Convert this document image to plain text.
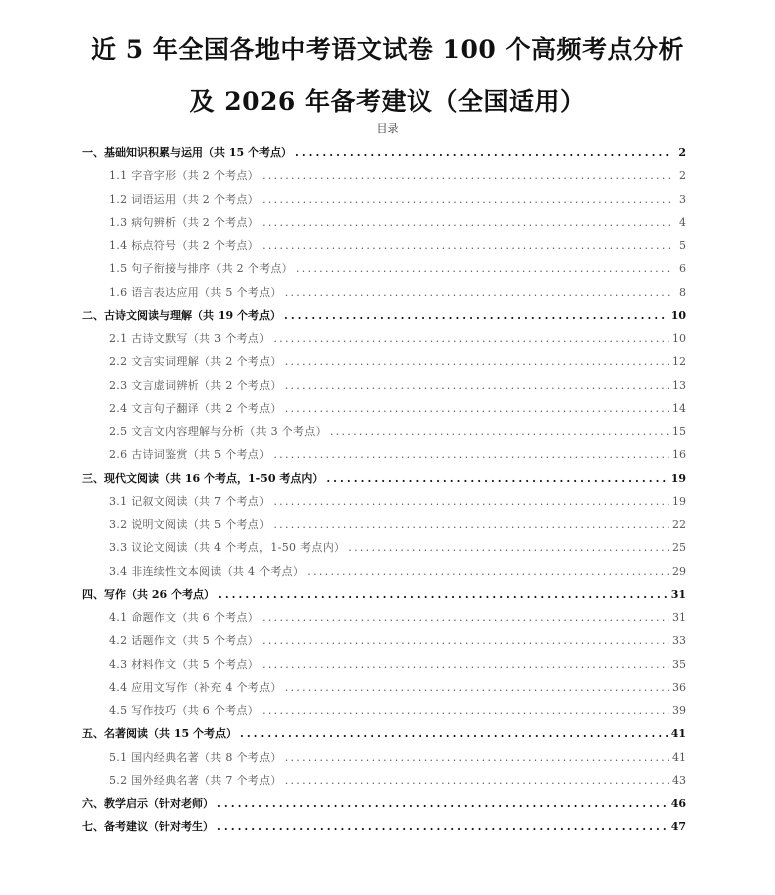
近 5 年全国各地中考语文试卷 100 个高频考点分析
及 2026 年备考建议（全国适用）
目录
一、基础知识积累与运用（共 15 个考点） . . .	2
1.1 字音字形（共 2 个考点） . . .	2
1.2 词语运用（共 2 个考点） . . .	3
1.3 病句辨析（共 2 个考点） . . .	4
1.4 标点符号（共 2 个考点） . . .	5
1.5 句子衔接与排序（共 2 个考点） . . .	6
1.6 语言表达应用（共 5 个考点） . . .	8
二、古诗文阅读与理解（共 19 个考点） . . .	10
2.1 古诗文默写（共 3 个考点） . . .	10
2.2 文言实词理解（共 2 个考点） . . .	12
2.3 文言虚词辨析（共 2 个考点） . . .	13
2.4 文言句子翻译（共 2 个考点） . . .	14
2.5 文言文内容理解与分析（共 3 个考点） . . .	15
2.6 古诗词鉴赏（共 5 个考点） . . .	16
三、现代文阅读（共 16 个考点，1-50 考点内） . . .	19
3.1 记叙文阅读（共 7 个考点） . . .	19
3.2 说明文阅读（共 5 个考点） . . .	22
3.3 议论文阅读（共 4 个考点，1-50 考点内） . . .	25
3.4 非连续性文本阅读（共 4 个考点） . . .	29
四、写作（共 26 个考点） . . .	31
4.1 命题作文（共 6 个考点） . . .	31
4.2 话题作文（共 5 个考点） . . .	33
4.3 材料作文（共 5 个考点） . . .	35
4.4 应用文写作（补充 4 个考点） . . .	36
4.5 写作技巧（共 6 个考点） . . .	39
五、名著阅读（共 15 个考点） . . .	41
5.1 国内经典名著（共 8 个考点） . . .	41
5.2 国外经典名著（共 7 个考点） . . .	43
六、教学启示（针对老师） . . .	46
七、备考建议（针对考生） . . .	47
